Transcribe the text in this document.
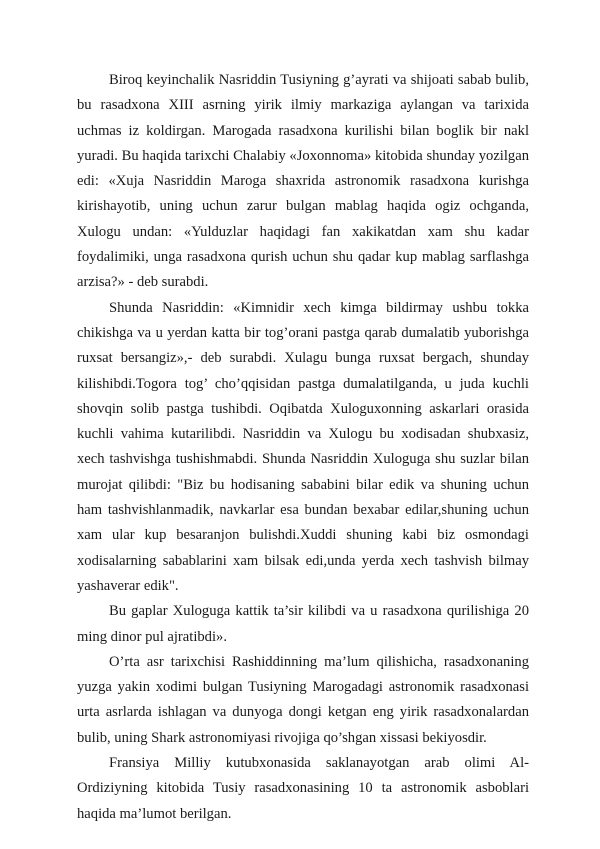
Biroq keyinchalik Nasriddin Tusiyning g’ayrati va shijoati sabab bulib, bu rasadxona XIII asrning yirik ilmiy markaziga aylangan va tarixida uchmas iz koldirgan. Marogada rasadxona kurilishi bilan boglik bir nakl yuradi. Bu haqida tarixchi Chalabiy «Joxonnoma» kitobida shunday yozilgan edi: «Xuja Nasriddin Maroga shaxrida astronomik rasadxona kurishga kirishayotib, uning uchun zarur bulgan mablag haqida ogiz ochganda, Xulogu undan: «Yulduzlar haqidagi fan xakikatdan xam shu kadar foydalimiki, unga rasadxona qurish uchun shu qadar kup mablag sarflashga arzisa?» - deb surabdi.

Shunda Nasriddin: «Kimnidir xech kimga bildirmay ushbu tokka chikishga va u yerdan katta bir tog’orani pastga qarab dumalatib yuborishga ruxsat bersangiz»,- deb surabdi. Xulagu bunga ruxsat bergach, shunday kilishibdi.Togora tog’ cho’qqisidan pastga dumalatilganda, u juda kuchli shovqin solib pastga tushibdi. Oqibatda Xuloguxonning askarlari orasida kuchli vahima kutarilibdi. Nasriddin va Xulogu bu xodisadan shubxasiz, xech tashvishga tushishmabdi. Shunda Nasriddin Xuloguga shu suzlar bilan murojat qilibdi: "Biz bu hodisaning sababini bilar edik va shuning uchun ham tashvishlanmadik, navkarlar esa bundan bexabar edilar,shuning uchun xam ular kup besaranjon bulishdi.Xuddi shuning kabi biz osmondagi xodisalarning sabablarini xam bilsak edi,unda yerda xech tashvish bilmay yashaverar edik".

Bu gaplar Xuloguga kattik ta’sir kilibdi va u rasadxona qurilishiga 20 ming dinor pul ajratibdi».

O’rta asr tarixchisi Rashiddinning ma’lum qilishicha, rasadxonaning yuzga yakin xodimi bulgan Tusiyning Marogadagi astronomik rasadxonasi urta asrlarda ishlagan va dunyoga dongi ketgan eng yirik rasadxonalardan bulib, uning Shark astronomiyasi rivojiga qo’shgan xissasi bekiyosdir.

Fransiya Milliy kutubxonasida saklanayotgan arab olimi Al-Ordiziyning kitobida Tusiy rasadxonasining 10 ta astronomik asboblari haqida ma’lumot berilgan.
